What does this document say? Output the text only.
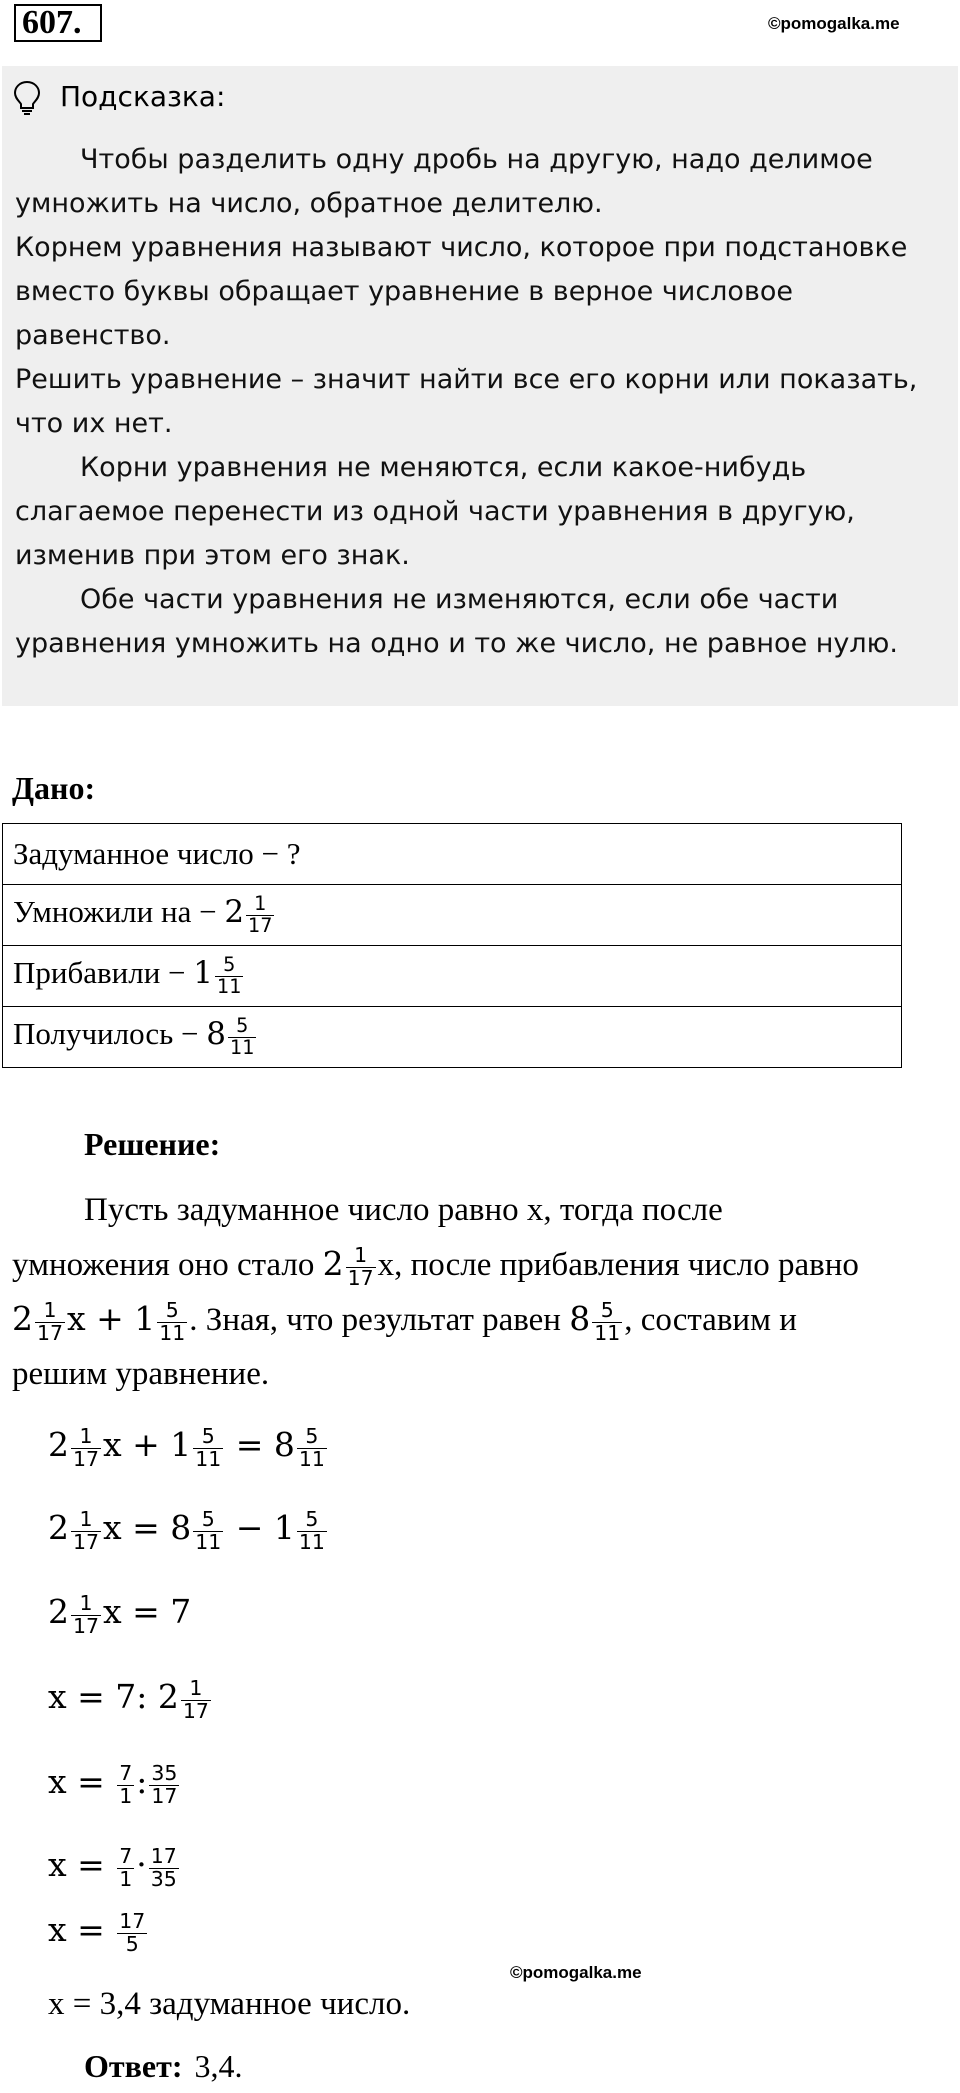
607.	©pomogalka.me
Подсказка:

Чтобы разделить одну дробь на другую, надо делимое умножить на число, обратное делителю.

Корнем уравнения называют число, которое при подстановке вместо буквы обращает уравнение в верное числовое равенство.

Решить уравнение – значит найти все его корни или показать, что их нет.

Корни уравнения не меняются, если какое-нибудь слагаемое перенести из одной части уравнения в другую, изменив при этом его знак.

Обе части уравнения не изменяются, если обе части уравнения умножить на одно и то же число, не равное нулю.

Дано:
Задуманное число − ?
Умножили на − $2 \frac{1}{17}$

Прибавили − $1 \frac{5}{11}$

Получилось − $8 \frac{5}{11}$
Решение:

Пусть задуманное число равно x, тогда после

умножения оно стало $2 \frac{1}{17} x$, после прибавления число равно

$2 \frac{1}{17}$ $x + 1 \frac{5}{11}$ . Зная, что результат равен $8 \frac{5}{11}$ , составим и

решим уравнение.

$2 \frac{1}{17}$ $x + 1 \frac{5}{11} = 8 \frac{5}{11}$
$2 \frac{1}{17}$ $x = 8 \frac{5}{11} - 1 \frac{5}{11}$
$2 \frac{1}{17}$ x = 7
x = 7: $2 \frac{1}{17}$
$x = \frac{7}{1}$ : $\frac{35}{17}$
$x = \frac{7}{1} \cdot \frac{17}{35}$
$x = \frac{17}{5}$
©pomogalka.me
x = 3,4 задуманное число.
Ответ: 3,4.
